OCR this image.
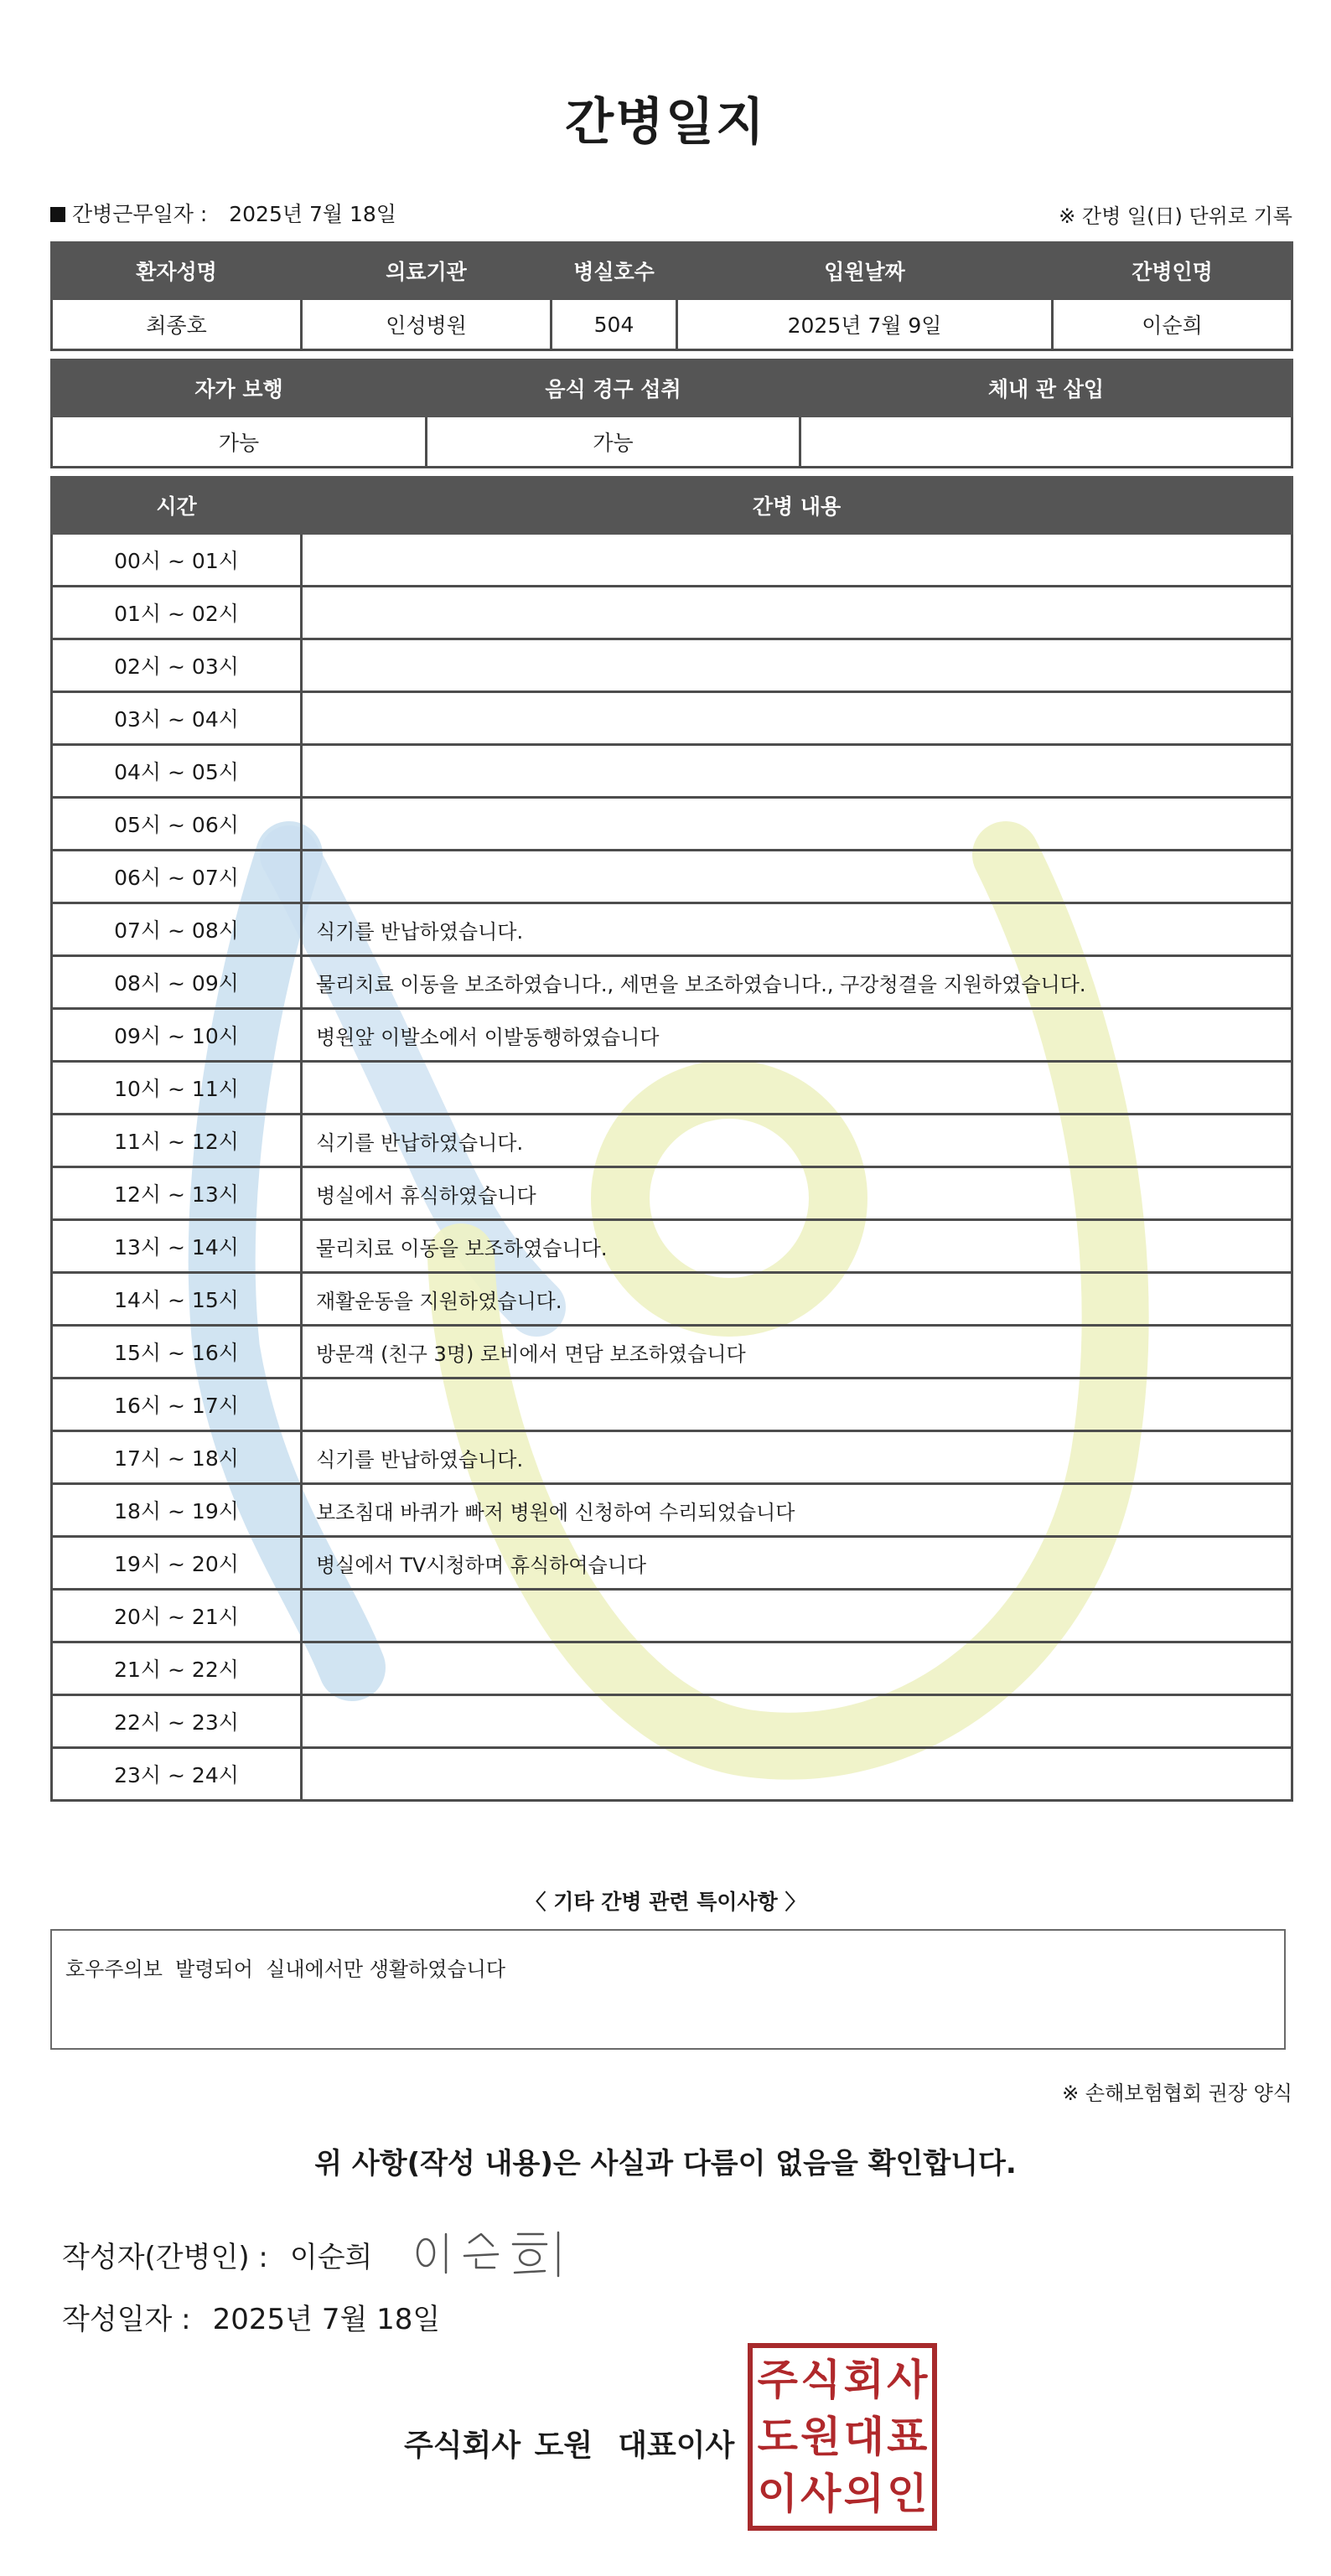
간병일지
간병근무일자 : 2025년 7월 18일	※ 간병 일(日) 단위로 기록
환자성명	의료기관	병실호수	입원날짜	간병인명
최종호	인성병원	504	2025년 7월 9일	이순희
자가 보행	음식 경구 섭취	체내 관 삽입
가능	가능	
시간	간병 내용
00시 ~ 01시	
01시 ~ 02시	
02시 ~ 03시	
03시 ~ 04시	
04시 ~ 05시	
05시 ~ 06시	
06시 ~ 07시	
07시 ~ 08시	식기를 반납하였습니다.
08시 ~ 09시	물리치료 이동을 보조하였습니다., 세면을 보조하였습니다., 구강청결을 지원하였습니다.
09시 ~ 10시	병원앞 이발소에서 이발동행하였습니다
10시 ~ 11시	
11시 ~ 12시	식기를 반납하였습니다.
12시 ~ 13시	병실에서 휴식하였습니다
13시 ~ 14시	물리치료 이동을 보조하였습니다.
14시 ~ 15시	재활운동을 지원하였습니다.
15시 ~ 16시	방문객 (친구 3명) 로비에서 면담 보조하였습니다
16시 ~ 17시	
17시 ~ 18시	식기를 반납하였습니다.
18시 ~ 19시	보조침대 바퀴가 빠저 병원에 신청하여 수리되었습니다
19시 ~ 20시	병실에서 TV시청하며 휴식하여습니다
20시 ~ 21시	
21시 ~ 22시	
22시 ~ 23시	
23시 ~ 24시	
〈 기타 간병 관련 특이사항 〉
호우주의보  발령되어  실내에서만 생활하였습니다
※ 손해보험협회 권장 양식
위 사항(작성 내용)은 사실과 다름이 없음을 확인합니다.
작성자(간병인) : 이순희
작성일자 : 2025년 7월 18일
주식회사 도원 대표이사
주 식 회 사
도 원 대 표
이 사 의 인
